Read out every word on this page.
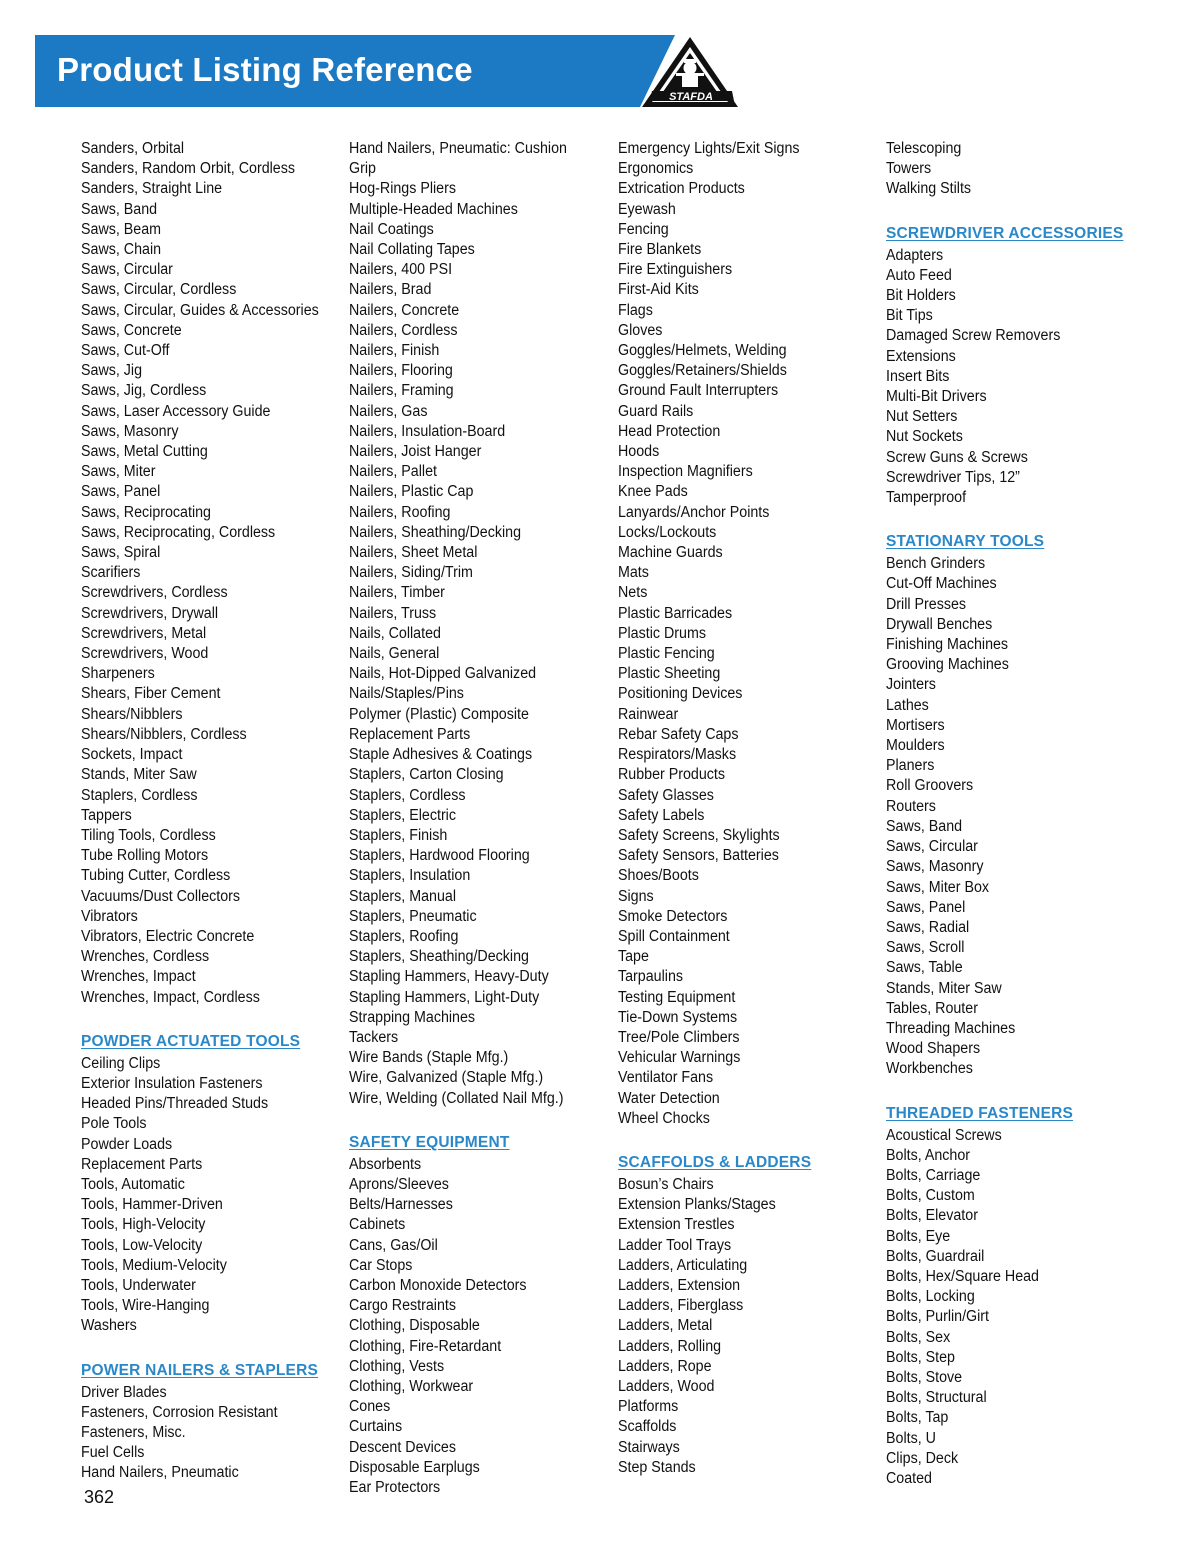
Product Listing Reference
STAFDA
Sanders, Orbital
Sanders, Random Orbit, Cordless
Sanders, Straight Line
Saws, Band
Saws, Beam
Saws, Chain
Saws, Circular
Saws, Circular, Cordless
Saws, Circular, Guides & Accessories
Saws, Concrete
Saws, Cut-Off
Saws, Jig
Saws, Jig, Cordless
Saws, Laser Accessory Guide
Saws, Masonry
Saws, Metal Cutting
Saws, Miter
Saws, Panel
Saws, Reciprocating
Saws, Reciprocating, Cordless
Saws, Spiral
Scarifiers
Screwdrivers, Cordless
Screwdrivers, Drywall
Screwdrivers, Metal
Screwdrivers, Wood
Sharpeners
Shears, Fiber Cement
Shears/Nibblers
Shears/Nibblers, Cordless
Sockets, Impact
Stands, Miter Saw
Staplers, Cordless
Tappers
Tiling Tools, Cordless
Tube Rolling Motors
Tubing Cutter, Cordless
Vacuums/Dust Collectors
Vibrators
Vibrators, Electric Concrete
Wrenches, Cordless
Wrenches, Impact
Wrenches, Impact, Cordless
POWDER ACTUATED TOOLS
Ceiling Clips
Exterior Insulation Fasteners
Headed Pins/Threaded Studs
Pole Tools
Powder Loads
Replacement Parts
Tools, Automatic
Tools, Hammer-Driven
Tools, High-Velocity
Tools, Low-Velocity
Tools, Medium-Velocity
Tools, Underwater
Tools, Wire-Hanging
Washers
POWER NAILERS & STAPLERS
Driver Blades
Fasteners, Corrosion Resistant
Fasteners, Misc.
Fuel Cells
Hand Nailers, Pneumatic
Hand Nailers, Pneumatic: Cushion
Grip
Hog-Rings Pliers
Multiple-Headed Machines
Nail Coatings
Nail Collating Tapes
Nailers, 400 PSI
Nailers, Brad
Nailers, Concrete
Nailers, Cordless
Nailers, Finish
Nailers, Flooring
Nailers, Framing
Nailers, Gas
Nailers, Insulation-Board
Nailers, Joist Hanger
Nailers, Pallet
Nailers, Plastic Cap
Nailers, Roofing
Nailers, Sheathing/Decking
Nailers, Sheet Metal
Nailers, Siding/Trim
Nailers, Timber
Nailers, Truss
Nails, Collated
Nails, General
Nails, Hot-Dipped Galvanized
Nails/Staples/Pins
Polymer (Plastic) Composite
Replacement Parts
Staple Adhesives & Coatings
Staplers, Carton Closing
Staplers, Cordless
Staplers, Electric
Staplers, Finish
Staplers, Hardwood Flooring
Staplers, Insulation
Staplers, Manual
Staplers, Pneumatic
Staplers, Roofing
Staplers, Sheathing/Decking
Stapling Hammers, Heavy-Duty
Stapling Hammers, Light-Duty
Strapping Machines
Tackers
Wire Bands (Staple Mfg.)
Wire, Galvanized (Staple Mfg.)
Wire, Welding (Collated Nail Mfg.)
SAFETY EQUIPMENT
Absorbents
Aprons/Sleeves
Belts/Harnesses
Cabinets
Cans, Gas/Oil
Car Stops
Carbon Monoxide Detectors
Cargo Restraints
Clothing, Disposable
Clothing, Fire-Retardant
Clothing, Vests
Clothing, Workwear
Cones
Curtains
Descent Devices
Disposable Earplugs
Ear Protectors
Emergency Lights/Exit Signs
Ergonomics
Extrication Products
Eyewash
Fencing
Fire Blankets
Fire Extinguishers
First-Aid Kits
Flags
Gloves
Goggles/Helmets, Welding
Goggles/Retainers/Shields
Ground Fault Interrupters
Guard Rails
Head Protection
Hoods
Inspection Magnifiers
Knee Pads
Lanyards/Anchor Points
Locks/Lockouts
Machine Guards
Mats
Nets
Plastic Barricades
Plastic Drums
Plastic Fencing
Plastic Sheeting
Positioning Devices
Rainwear
Rebar Safety Caps
Respirators/Masks
Rubber Products
Safety Glasses
Safety Labels
Safety Screens, Skylights
Safety Sensors, Batteries
Shoes/Boots
Signs
Smoke Detectors
Spill Containment
Tape
Tarpaulins
Testing Equipment
Tie-Down Systems
Tree/Pole Climbers
Vehicular Warnings
Ventilator Fans
Water Detection
Wheel Chocks
SCAFFOLDS & LADDERS
Bosun’s Chairs
Extension Planks/Stages
Extension Trestles
Ladder Tool Trays
Ladders, Articulating
Ladders, Extension
Ladders, Fiberglass
Ladders, Metal
Ladders, Rolling
Ladders, Rope
Ladders, Wood
Platforms
Scaffolds
Stairways
Step Stands
Telescoping
Towers
Walking Stilts
SCREWDRIVER ACCESSORIES
Adapters
Auto Feed
Bit Holders
Bit Tips
Damaged Screw Removers
Extensions
Insert Bits
Multi-Bit Drivers
Nut Setters
Nut Sockets
Screw Guns & Screws
Screwdriver Tips, 12”
Tamperproof
STATIONARY TOOLS
Bench Grinders
Cut-Off Machines
Drill Presses
Drywall Benches
Finishing Machines
Grooving Machines
Jointers
Lathes
Mortisers
Moulders
Planers
Roll Groovers
Routers
Saws, Band
Saws, Circular
Saws, Masonry
Saws, Miter Box
Saws, Panel
Saws, Radial
Saws, Scroll
Saws, Table
Stands, Miter Saw
Tables, Router
Threading Machines
Wood Shapers
Workbenches
THREADED FASTENERS
Acoustical Screws
Bolts, Anchor
Bolts, Carriage
Bolts, Custom
Bolts, Elevator
Bolts, Eye
Bolts, Guardrail
Bolts, Hex/Square Head
Bolts, Locking
Bolts, Purlin/Girt
Bolts, Sex
Bolts, Step
Bolts, Stove
Bolts, Structural
Bolts, Tap
Bolts, U
Clips, Deck
Coated
362
